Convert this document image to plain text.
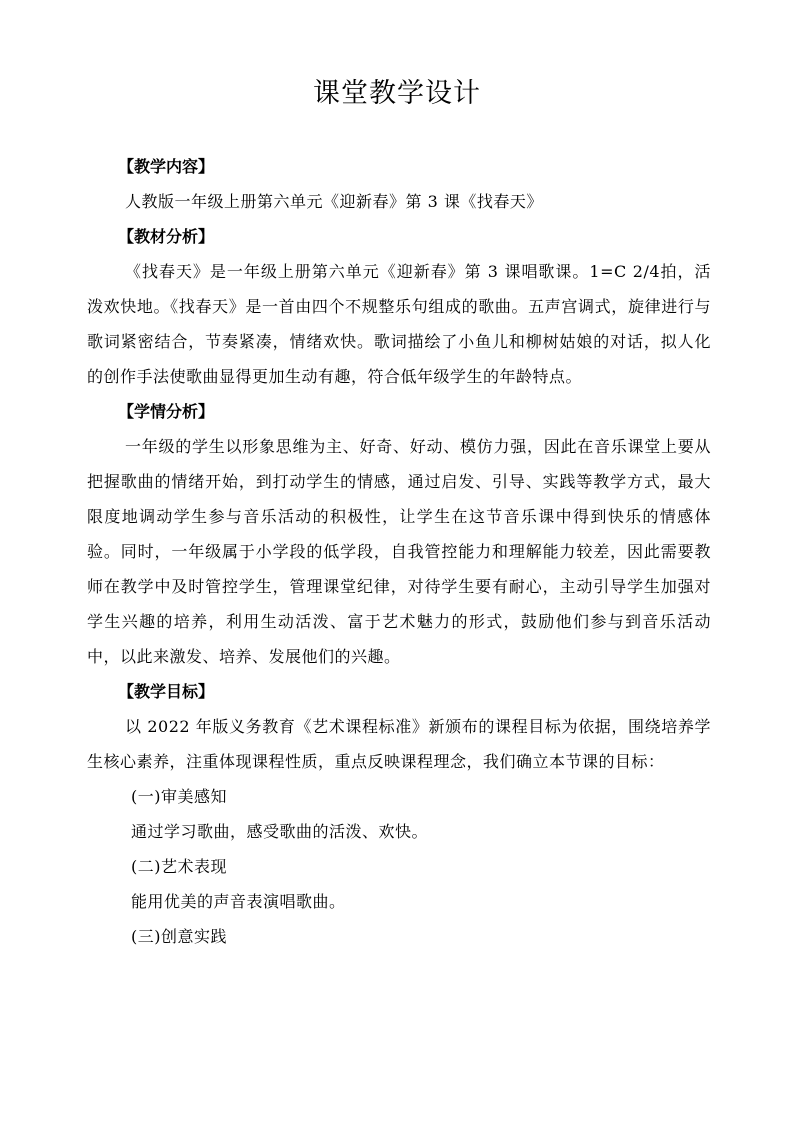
课堂教学设计

【教学内容】

人教版一年级上册第六单元《迎新春》第 3 课《找春天》

【教材分析】

《找春天》是一年级上册第六单元《迎新春》第 3 课唱歌课。1=C 2/4拍，活泼欢快地。《找春天》是一首由四个不规整乐句组成的歌曲。五声宫调式，旋律进行与歌词紧密结合，节奏紧凑，情绪欢快。歌词描绘了小鱼儿和柳树姑娘的对话，拟人化的创作手法使歌曲显得更加生动有趣，符合低年级学生的年龄特点。

【学情分析】

一年级的学生以形象思维为主、好奇、好动、模仿力强，因此在音乐课堂上要从把握歌曲的情绪开始，到打动学生的情感，通过启发、引导、实践等教学方式，最大限度地调动学生参与音乐活动的积极性，让学生在这节音乐课中得到快乐的情感体验。同时，一年级属于小学段的低学段，自我管控能力和理解能力较差，因此需要教师在教学中及时管控学生，管理课堂纪律，对待学生要有耐心，主动引导学生加强对学生兴趣的培养，利用生动活泼、富于艺术魅力的形式，鼓励他们参与到音乐活动中，以此来激发、培养、发展他们的兴趣。

【教学目标】

以 2022 年版义务教育《艺术课程标准》新颁布的课程目标为依据，围绕培养学生核心素养，注重体现课程性质，重点反映课程理念，我们确立本节课的目标：

(一)审美感知

通过学习歌曲，感受歌曲的活泼、欢快。

(二)艺术表现

能用优美的声音表演唱歌曲。

(三)创意实践
